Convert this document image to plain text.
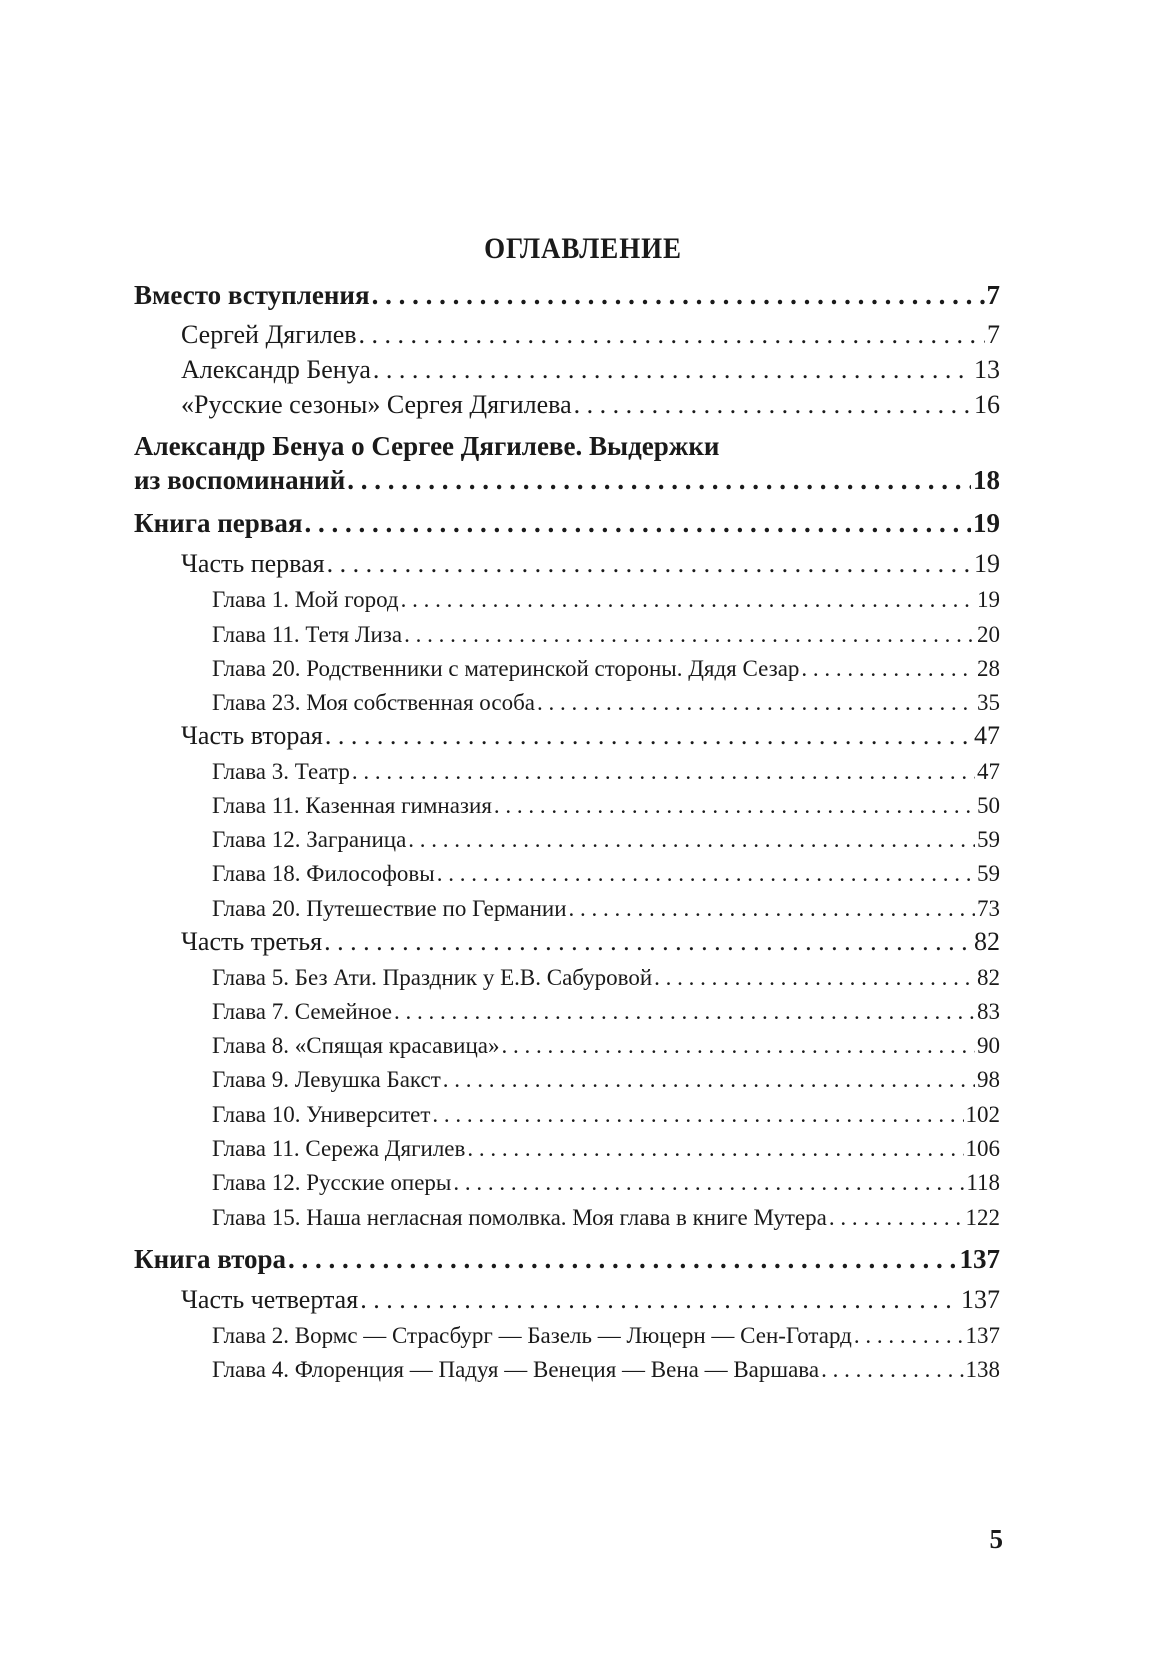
ОГЛАВЛЕНИЕ
Вместо вступления . . .	7
Сергей Дягилев . . .	7
Александр Бенуа . . .	13
«Русские сезоны» Сергея Дягилева . . .	16
Александр Бенуа о Сергее Дягилеве. Выдержки
из воспоминаний . . .	18
Книга первая . . .	19
Часть первая . . .	19
Глава 1. Мой город . . .	19
Глава 11. Тетя Лиза . . .	20
Глава 20. Родственники с материнской стороны. Дядя Сезар . . .	28
Глава 23. Моя собственная особа . . .	35
Часть вторая . . .	47
Глава 3. Театр . . .	47
Глава 11. Казенная гимназия . . .	50
Глава 12. Заграница . . .	59
Глава 18. Философовы . . .	59
Глава 20. Путешествие по Германии . . .	73
Часть третья . . .	82
Глава 5. Без Ати. Праздник у Е.В. Сабуровой . . .	82
Глава 7. Семейное . . .	83
Глава 8. «Спящая красавица» . . .	90
Глава 9. Левушка Бакст . . .	98
Глава 10. Университет . . .	102
Глава 11. Сережа Дягилев . . .	106
Глава 12. Русские оперы . . .	118
Глава 15. Наша негласная помолвка. Моя глава в книге Мутера . . .	122
Книга втора . . .	137
Часть четвертая . . .	137
Глава 2. Вормс — Страсбург — Базель — Люцерн — Сен-Готард . . .	137
Глава 4. Флоренция — Падуя — Венеция — Вена — Варшава . . .	138
5
